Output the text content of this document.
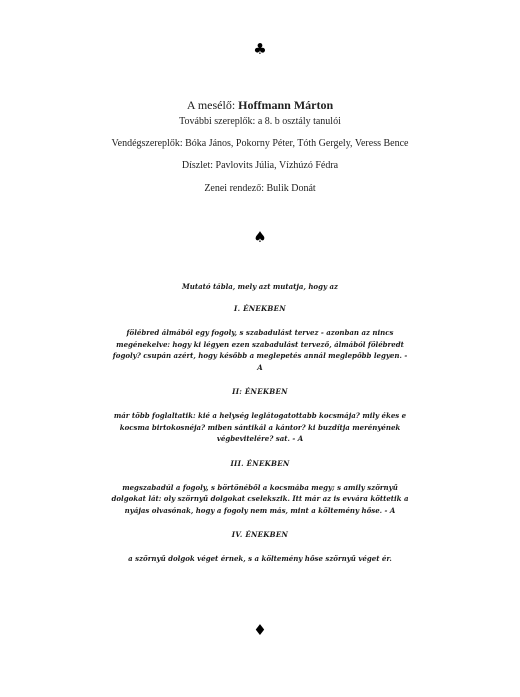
♣
A mesélő: Hoffmann Márton
További szereplők: a 8. b osztály tanulói
Vendégszereplők: Bóka János, Pokorny Péter, Tóth Gergely, Veress Bence
Díszlet: Pavlovits Júlia, Vízhúzó Fédra
Zenei rendező: Bulik Donát
♠
Mutató tábla, mely azt mutatja, hogy az
I. ÉNEKBEN
fölébred álmából egy fogoly, s szabadulást tervez - azonban az nincs megénekelve: hogy ki légyen ezen szabadulást tervező, álmából fölébredt fogoly? csupán azért, hogy később a meglepetés annál meglepőbb legyen. - A
II: ÉNEKBEN
már több foglaltatik: kié a helység leglátogatottabb kocsmája? mily ékes e kocsma birtokosnéja? miben sántikál a kántor? ki buzdítja merényének végbevitelére? sat. - A
III. ÉNEKBEN
megszabadúl a fogoly, s börtönéből a kocsmába megy; s amily szörnyű dolgokat lát: oly szörnyű dolgokat cselekszik. Itt már az is evvára köttetik a nyájas olvasónak, hogy a fogoly nem más, mint a költemény hőse. - A
IV. ÉNEKBEN
a szörnyű dolgok véget érnek, s a költemény hőse szörnyű véget ér.
♦
